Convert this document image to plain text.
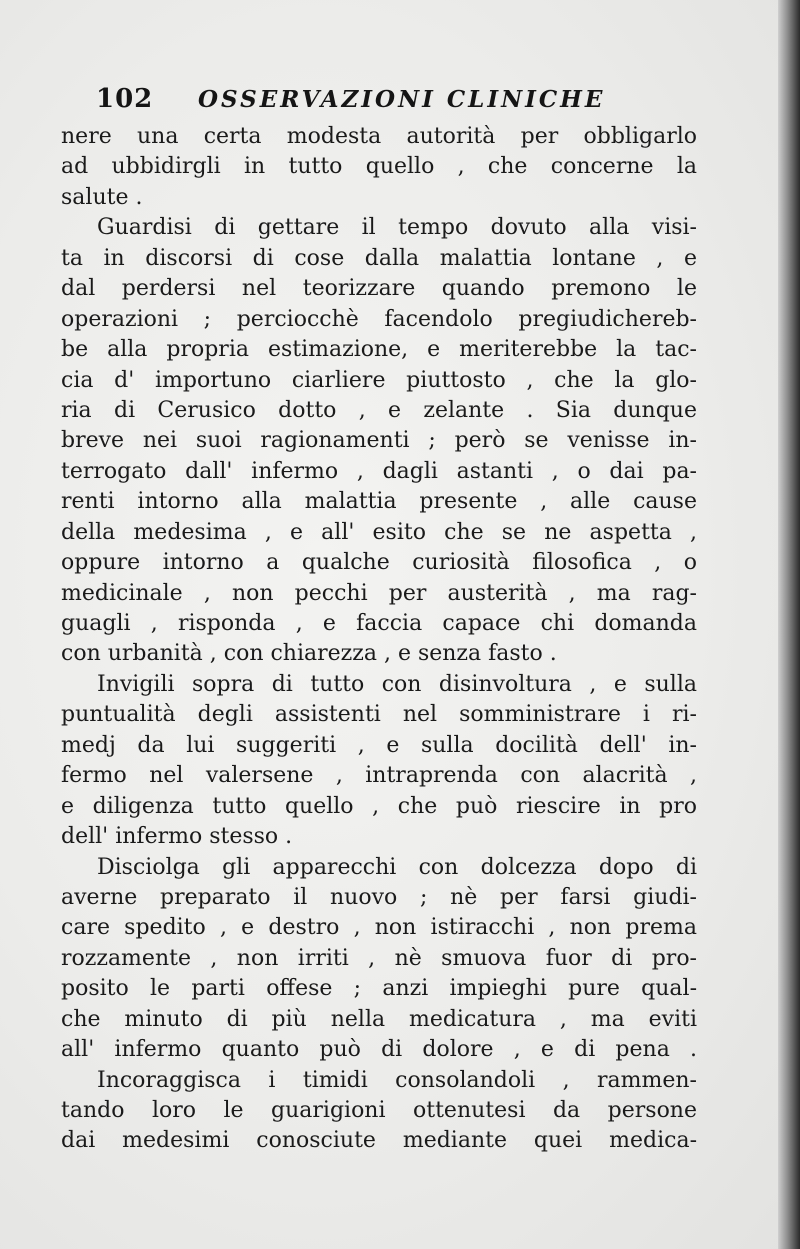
102 OSSERVAZIONI CLINICHE
nere una certa modesta autorità per obbligarlo
ad ubbidirgli in tutto quello , che concerne la
salute .
Guardisi di gettare il tempo dovuto alla visi-
ta in discorsi di cose dalla malattia lontane , e
dal perdersi nel teorizzare quando premono le
operazioni ; perciocchè facendolo pregiudichereb-
be alla propria estimazione, e meriterebbe la tac-
cia d' importuno ciarliere piuttosto , che la glo-
ria di Cerusico dotto , e zelante . Sia dunque
breve nei suoi ragionamenti ; però se venisse in-
terrogato dall' infermo , dagli astanti , o dai pa-
renti intorno alla malattia presente , alle cause
della medesima , e all' esito che se ne aspetta ,
oppure intorno a qualche curiosità filosofica , o
medicinale , non pecchi per austerità , ma rag-
guagli , risponda , e faccia capace chi domanda
con urbanità , con chiarezza , e senza fasto .
Invigili sopra di tutto con disinvoltura , e sulla
puntualità degli assistenti nel somministrare i ri-
medj da lui suggeriti , e sulla docilità dell' in-
fermo nel valersene , intraprenda con alacrità ,
e diligenza tutto quello , che può riescire in pro
dell' infermo stesso .
Disciolga gli apparecchi con dolcezza dopo di
averne preparato il nuovo ; nè per farsi giudi-
care spedito , e destro , non istiracchi , non prema
rozzamente , non irriti , nè smuova fuor di pro-
posito le parti offese ; anzi impieghi pure qual-
che minuto di più nella medicatura , ma eviti
all' infermo quanto può di dolore , e di pena .
Incoraggisca i timidi consolandoli , rammen-
tando loro le guarigioni ottenutesi da persone
dai medesimi conosciute mediante quei medica-
